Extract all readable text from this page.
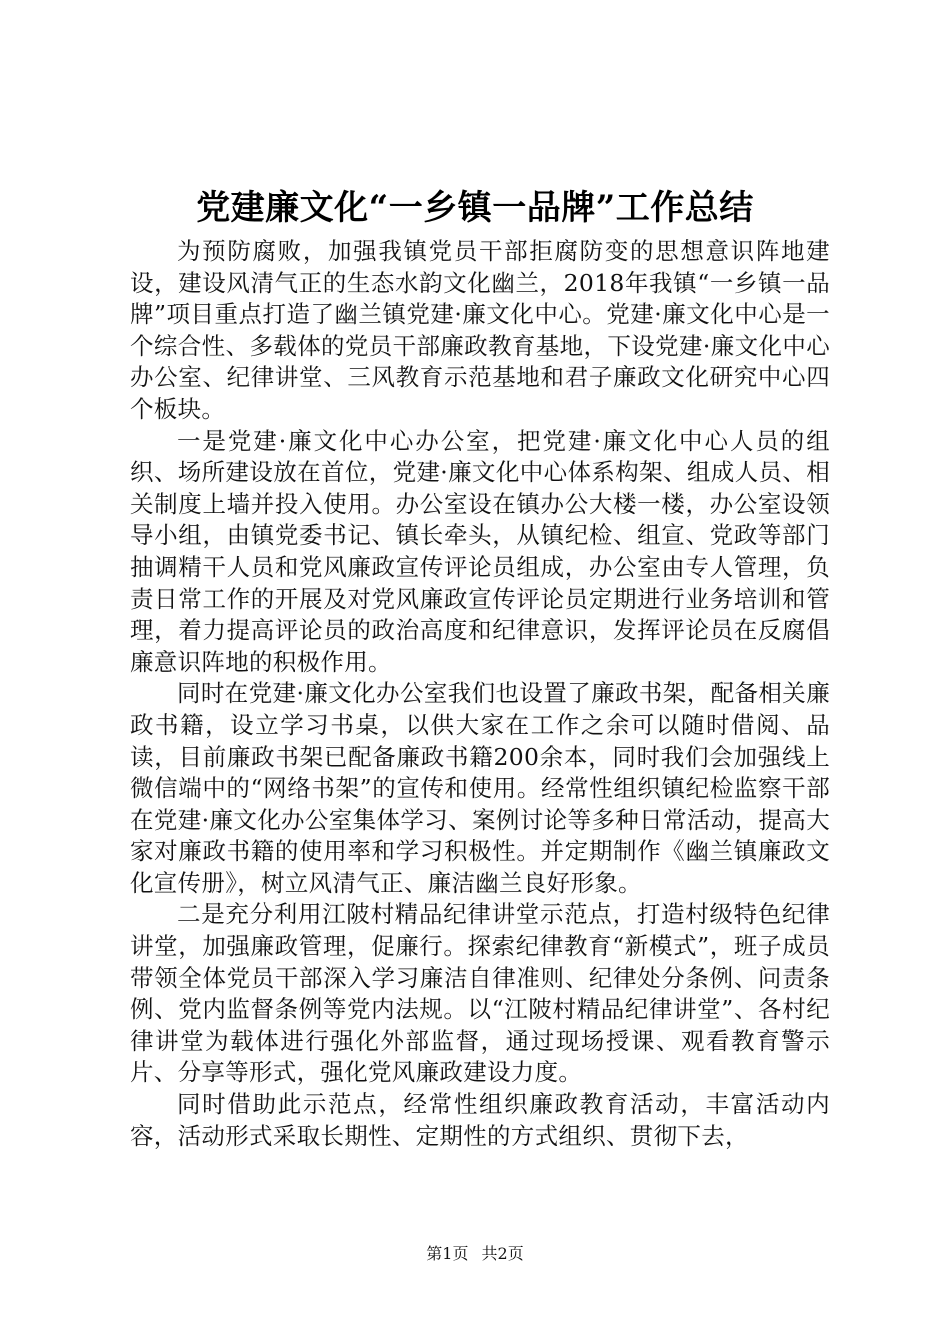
党建廉文化“一乡镇一品牌”工作总结

为预防腐败，加强我镇党员干部拒腐防变的思想意识阵地建设，建设风清气正的生态水韵文化幽兰，2018年我镇“一乡镇一品牌”项目重点打造了幽兰镇党建·廉文化中心。党建·廉文化中心是一个综合性、多载体的党员干部廉政教育基地，下设党建·廉文化中心办公室、纪律讲堂、三风教育示范基地和君子廉政文化研究中心四个板块。

一是党建·廉文化中心办公室，把党建·廉文化中心人员的组织、场所建设放在首位，党建·廉文化中心体系构架、组成人员、相关制度上墙并投入使用。办公室设在镇办公大楼一楼，办公室设领导小组，由镇党委书记、镇长牵头，从镇纪检、组宣、党政等部门抽调精干人员和党风廉政宣传评论员组成，办公室由专人管理，负责日常工作的开展及对党风廉政宣传评论员定期进行业务培训和管理，着力提高评论员的政治高度和纪律意识，发挥评论员在反腐倡廉意识阵地的积极作用。

同时在党建·廉文化办公室我们也设置了廉政书架，配备相关廉政书籍，设立学习书桌，以供大家在工作之余可以随时借阅、品读，目前廉政书架已配备廉政书籍200余本，同时我们会加强线上微信端中的“网络书架”的宣传和使用。经常性组织镇纪检监察干部在党建·廉文化办公室集体学习、案例讨论等多种日常活动，提高大家对廉政书籍的使用率和学习积极性。并定期制作《幽兰镇廉政文化宣传册》，树立风清气正、廉洁幽兰良好形象。

二是充分利用江陂村精品纪律讲堂示范点，打造村级特色纪律讲堂，加强廉政管理，促廉行。探索纪律教育“新模式”，班子成员带领全体党员干部深入学习廉洁自律准则、纪律处分条例、问责条例、党内监督条例等党内法规。以“江陂村精品纪律讲堂”、各村纪律讲堂为载体进行强化外部监督，通过现场授课、观看教育警示片、分享等形式，强化党风廉政建设力度。

同时借助此示范点，经常性组织廉政教育活动，丰富活动内容，活动形式采取长期性、定期性的方式组织、贯彻下去，

第1页 共2页
